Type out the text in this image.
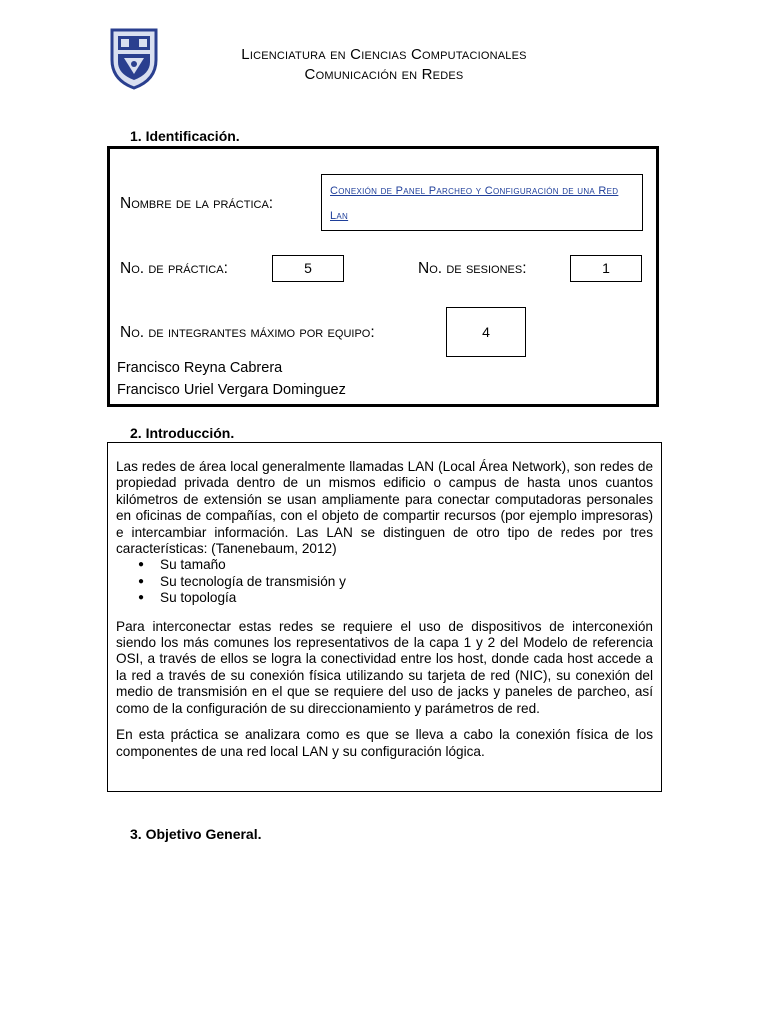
Licenciatura en Ciencias Computacionales
Comunicación en Redes
1. Identificación.
Nombre de la práctica:
Conexión de Panel Parcheo y Configuración de una Red
Lan
No. de práctica:	5	No. de sesiones:	1
No. de integrantes máximo por equipo:	4
Francisco Reyna Cabrera
Francisco Uriel Vergara Dominguez
2. Introducción.

Las redes de área local generalmente llamadas LAN (Local Área Network), son redes de propiedad privada dentro de un mismos edificio o campus de hasta unos cuantos kilómetros de extensión se usan ampliamente para conectar computadoras personales en oficinas de compañías, con el objeto de compartir recursos (por ejemplo impresoras) e intercambiar información. Las LAN se distinguen de otro tipo de redes por tres características: (Tanenebaum, 2012)

● Su tamaño
● Su tecnología de transmisión y
● Su topología

Para interconectar estas redes se requiere el uso de dispositivos de interconexión siendo los más comunes los representativos de la capa 1 y 2 del Modelo de referencia OSI, a través de ellos se logra la conectividad entre los host, donde cada host accede a la red a través de su conexión física utilizando su tarjeta de red (NIC), su conexión del medio de transmisión en el que se requiere del uso de jacks y paneles de parcheo, así como de la configuración de su direccionamiento y parámetros de red.

En esta práctica se analizara como es que se lleva a cabo la conexión física de los componentes de una red local LAN y su configuración lógica.

3. Objetivo General.
